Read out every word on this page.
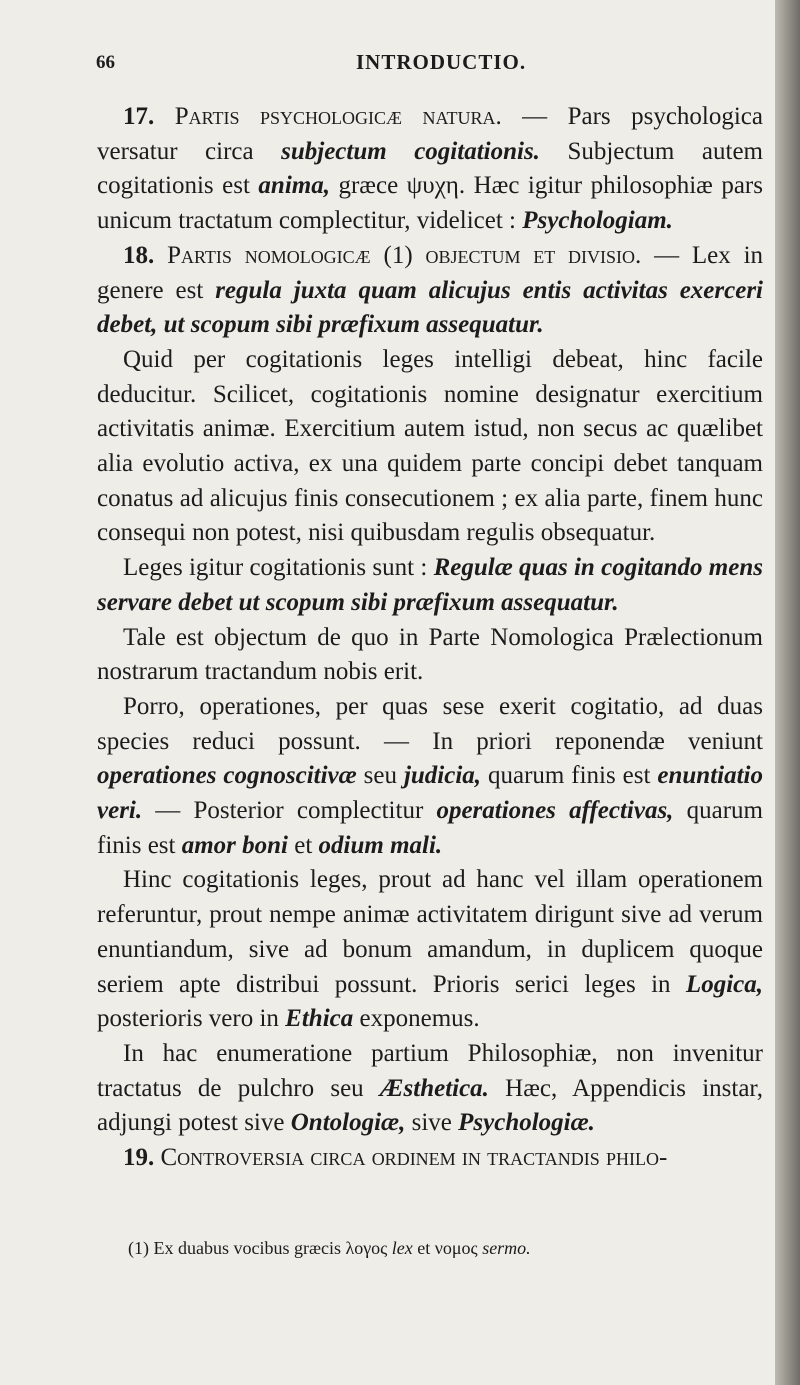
66	INTRODUCTIO.

17. Partis psychologicæ natura. — Pars psychologica versatur circa subjectum cogitationis. Subjectum autem cogitationis est anima, græce ψυχη. Hæc igitur philosophiæ pars unicum tractatum complectitur, videlicet : Psychologiam.

18. Partis nomologicæ (1) objectum et divisio. — Lex in genere est regula juxta quam alicujus entis activitas exerceri debet, ut scopum sibi præfixum assequatur.

Quid per cogitationis leges intelligi debeat, hinc facile deducitur. Scilicet, cogitationis nomine designatur exercitium activitatis animæ. Exercitium autem istud, non secus ac quælibet alia evolutio activa, ex una quidem parte concipi debet tanquam conatus ad alicujus finis consecutionem ; ex alia parte, finem hunc consequi non potest, nisi quibusdam regulis obsequatur.

Leges igitur cogitationis sunt : Regulæ quas in cogitando mens servare debet ut scopum sibi præfixum assequatur.

Tale est objectum de quo in Parte Nomologica Prælectionum nostrarum tractandum nobis erit.

Porro, operationes, per quas sese exerit cogitatio, ad duas species reduci possunt. — In priori reponendæ veniunt operationes cognoscitivæ seu judicia, quarum finis est enuntiatio veri. — Posterior complectitur operationes affectivas, quarum finis est amor boni et odium mali.

Hinc cogitationis leges, prout ad hanc vel illam operationem referuntur, prout nempe animæ activitatem dirigunt sive ad verum enuntiandum, sive ad bonum amandum, in duplicem quoque seriem apte distribui possunt. Prioris serici leges in Logica, posterioris vero in Ethica exponemus.

In hac enumeratione partium Philosophiæ, non invenitur tractatus de pulchro seu Æsthetica. Hæc, Appendicis instar, adjungi potest sive Ontologiæ, sive Psychologiæ.

19. Controversia circa ordinem in tractandis philo-

(1) Ex duabus vocibus græcis λογος lex et νομος sermo.
